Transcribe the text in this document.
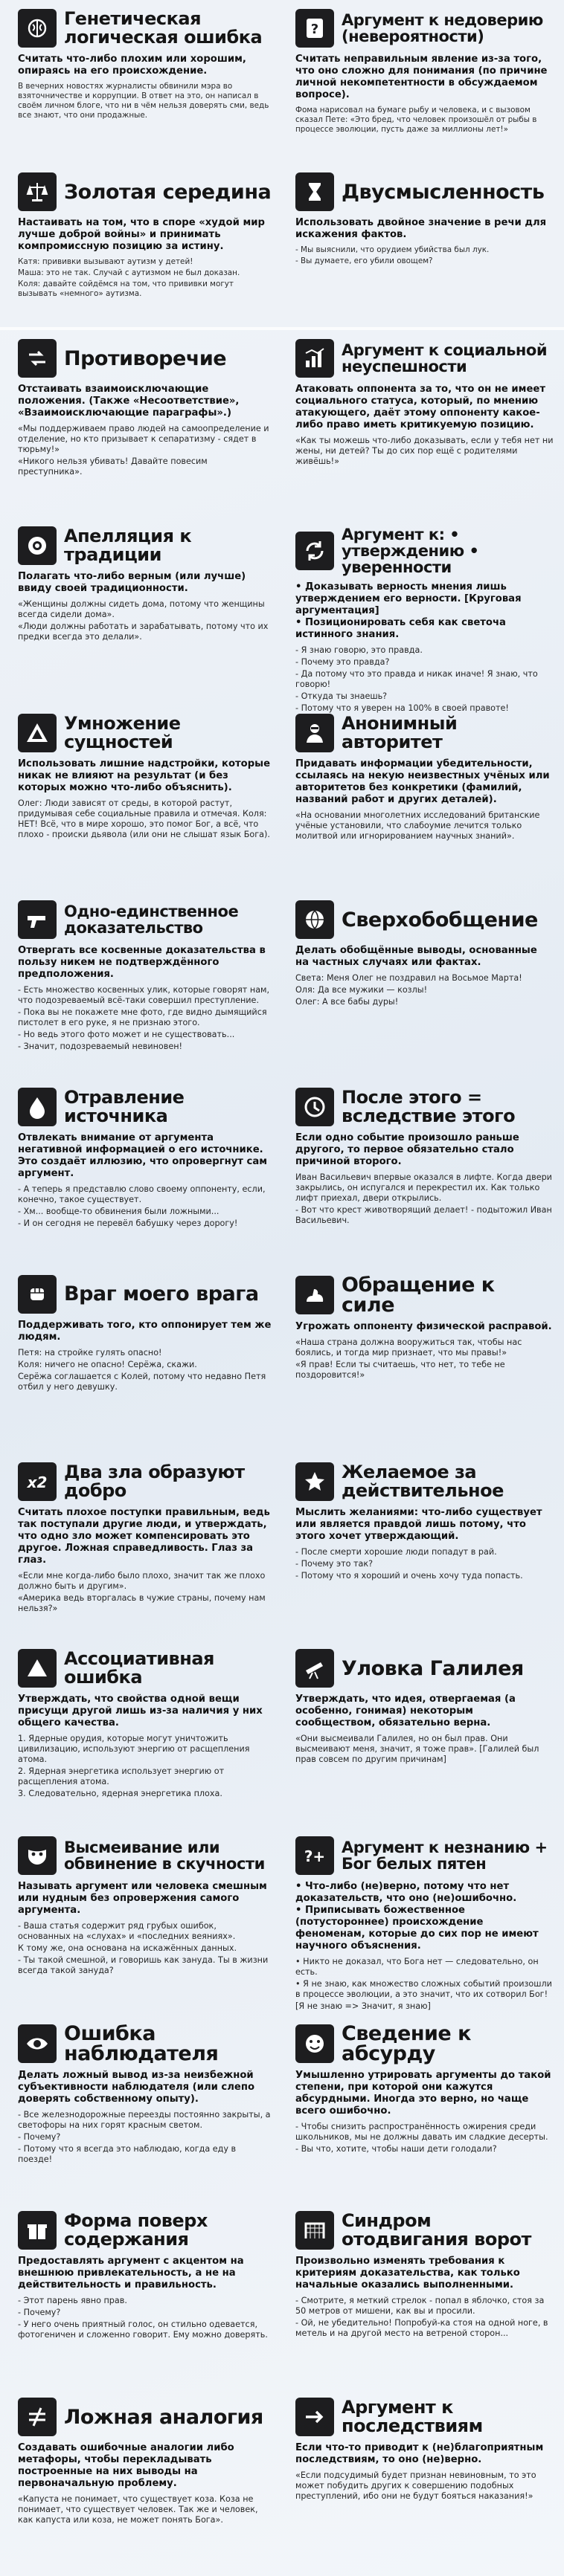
Генетическая логическая ошибка
Считать что-либо плохим или хорошим, опираясь на его происхождение.

В вечерних новостях журналисты обвинили мэра во взяточничестве и коррупции. В ответ на это, он написал в своём личном блоге, что ни в чём нельзя доверять сми, ведь все знают, что они продажные.

?
Аргумент к недоверию (невероятности)
Считать неправильным явление из-за того, что оно сложно для понимания (по причине личной некомпетентности в обсуждаемом вопросе).

Фома нарисовал на бумаге рыбу и человека, и с вызовом сказал Пете: «Это бред, что человек произошёл от рыбы в процессе эволюции, пусть даже за миллионы лет!»

Золотая середина
Настаивать на том, что в споре «худой мир лучше доброй войны» и принимать компромиссную позицию за истину.

Катя: прививки вызывают аутизм у детей!

Маша: это не так. Случай с аутизмом не был доказан.

Коля: давайте сойдёмся на том, что прививки могут вызывать «немного» аутизма.

Двусмысленность
Использовать двойное значение в речи для искажения фактов.

- Мы выяснили, что орудием убийства был лук.

- Вы думаете, его убили овощем?

Противоречие
Отстаивать взаимоисключающие положения. (Также «Несоответствие», «Взаимоисключающие параграфы».)

«Мы поддерживаем право людей на самоопределение и отделение, но кто призывает к сепаратизму - сядет в тюрьму!»

«Никого нельзя убивать! Давайте повесим преступника».

Аргумент к социальной неуспешности
Атаковать оппонента за то, что он не имеет социального статуса, который, по мнению атакующего, даёт этому оппоненту какое-либо право иметь критикуемую позицию.

«Как ты можешь что-либо доказывать, если у тебя нет ни жены, ни детей? Ты до сих пор ещё с родителями живёшь!»

Апелляция к традиции
Полагать что-либо верным (или лучше) ввиду своей традиционности.

«Женщины должны сидеть дома, потому что женщины всегда сидели дома».

«Люди должны работать и зарабатывать, потому что их предки всегда это делали».

Аргумент к: • утверждению • уверенности
• Доказывать верность мнения лишь утверждением его верности. [Круговая аргументация]
• Позиционировать себя как светоча истинного знания.

- Я знаю говорю, это правда.

- Почему это правда?

- Да потому что это правда и никак иначе! Я знаю, что говорю!

- Откуда ты знаешь?

- Потому что я уверен на 100% в своей правоте!

Умножение сущностей
Использовать лишние надстройки, которые никак не влияют на результат (и без которых можно что-либо объяснить).

Олег: Люди зависят от среды, в которой растут, придумывая себе социальные правила и отмечая. Коля: НЕТ! Всё, что в мире хорошо, это помог Бог, а всё, что плохо - происки дьявола (или они не слышат язык Бога).

Анонимный авторитет
Придавать информации убедительности, ссылаясь на некую неизвестных учёных или авторитетов без конкретики (фамилий, названий работ и других деталей).

«На основании многолетних исследований британские учёные установили, что слабоумие лечится только молитвой или игнорированием научных знаний».

Одно-единственное доказательство
Отвергать все косвенные доказательства в пользу никем не подтверждённого предположения.

- Есть множество косвенных улик, которые говорят нам, что подозреваемый всё-таки совершил преступление.

- Пока вы не покажете мне фото, где видно дымящийся пистолет в его руке, я не признаю этого.

- Но ведь этого фото может и не существовать...

- Значит, подозреваемый невиновен!

Сверхобобщение
Делать обобщённые выводы, основанные на частных случаях или фактах.

Света: Меня Олег не поздравил на Восьмое Марта!

Оля: Да все мужики — козлы!

Олег: А все бабы дуры!

Отравление источника
Отвлекать внимание от аргумента негативной информацией о его источнике. Это создаёт иллюзию, что опровергнут сам аргумент.

- А теперь я представлю слово своему оппоненту, если, конечно, такое существует.

- Хм... вообще-то обвинения были ложными...

- И он сегодня не перевёл бабушку через дорогу!

После этого = вследствие этого
Если одно событие произошло раньше другого, то первое обязательно стало причиной второго.

Иван Васильевич впервые оказался в лифте. Когда двери закрылись, он испугался и перекрестил их. Как только лифт приехал, двери открылись.

- Вот что крест животворящий делает! - подытожил Иван Васильевич.

Враг моего врага
Поддерживать того, кто оппонирует тем же людям.

Петя: на стройке гулять опасно!

Коля: ничего не опасно! Серёжа, скажи.

Серёжа соглашается с Колей, потому что недавно Петя отбил у него девушку.

Обращение к силе
Угрожать оппоненту физической расправой.

«Наша страна должна вооружиться так, чтобы нас боялись, и тогда мир признает, что мы правы!»

«Я прав! Если ты считаешь, что нет, то тебе не поздоровится!»

x2 Два зла образуют добро
Считать плохое поступки правильным, ведь так поступали другие люди, и утверждать, что одно зло может компенсировать это другое. Ложная справедливость. Глаз за глаз.

«Если мне когда-либо было плохо, значит так же плохо должно быть и другим».

«Америка ведь вторгалась в чужие страны, почему нам нельзя?»

Желаемое за действительное
Мыслить желаниями: что-либо существует или является правдой лишь потому, что этого хочет утверждающий.

- После смерти хорошие люди попадут в рай.

- Почему это так?

- Потому что я хороший и очень хочу туда попасть.

Ассоциативная ошибка
Утверждать, что свойства одной вещи присущи другой лишь из-за наличия у них общего качества.

1. Ядерные орудия, которые могут уничтожить цивилизацию, используют энергию от расщепления атома.

2. Ядерная энергетика использует энергию от расщепления атома.

3. Следовательно, ядерная энергетика плоха.

Уловка Галилея
Утверждать, что идея, отвергаемая (а особенно, гонимая) некоторым сообществом, обязательно верна.

«Они высмеивали Галилея, но он был прав. Они высмеивают меня, значит, я тоже прав». [Галилей был прав совсем по другим причинам]

Высмеивание или обвинение в скучности
Называть аргумент или человека смешным или нудным без опровержения самого аргумента.

- Ваша статья содержит ряд грубых ошибок, основанных на «слухах» и «последних веяниях».

К тому же, она основана на искажённых данных.

- Ты такой смешной, и говоришь как зануда. Ты в жизни всегда такой зануда?

?+ Аргумент к незнанию + Бог белых пятен
• Что-либо (не)верно, потому что нет доказательств, что оно (не)ошибочно.
• Приписывать божественное (потустороннее) происхождение феноменам, которые до сих пор не имеют научного объяснения.

• Никто не доказал, что Бога нет — следовательно, он есть.

• Я не знаю, как множество сложных событий произошли в процессе эволюции, а это значит, что их сотворил Бог!

[Я не знаю => Значит, я знаю]

Ошибка наблюдателя
Делать ложный вывод из-за неизбежной субъективности наблюдателя (или слепо доверять собственному опыту).

- Все железнодорожные переезды постоянно закрыты, а светофоры на них горят красным светом.

- Почему?

- Потому что я всегда это наблюдаю, когда еду в поезде!

Сведение к абсурду
Умышленно утрировать аргументы до такой степени, при которой они кажутся абсурдными. Иногда это верно, но чаще всего ошибочно.

- Чтобы снизить распространённость ожирения среди школьников, мы не должны давать им сладкие десерты.

- Вы что, хотите, чтобы наши дети голодали?

Форма поверх содержания
Предоставлять аргумент с акцентом на внешнюю привлекательность, а не на действительность и правильность.

- Этот парень явно прав.

- Почему?

- У него очень приятный голос, он стильно одевается, фотогеничен и сложенно говорит. Ему можно доверять.

Синдром отодвигания ворот
Произвольно изменять требования к критериям доказательства, как только начальные оказались выполненными.

- Смотрите, я меткий стрелок - попал в яблочко, стоя за 50 метров от мишени, как вы и просили.

- Ой, не убедительно! Попробуй-ка стоя на одной ноге, в метель и на другой место на ветреной сторон...

Ложная аналогия
Создавать ошибочные аналогии либо метафоры, чтобы перекладывать построенные на них выводы на первоначальную проблему.

«Капуста не понимает, что существует коза. Коза не понимает, что существует человек. Так же и человек, как капуста или коза, не может понять Бога».

Аргумент к последствиям
Если что-то приводит к (не)благоприятным последствиям, то оно (не)верно.

«Если подсудимый будет признан невиновным, то это может побудить других к совершению подобных преступлений, ибо они не будут бояться наказания!»
